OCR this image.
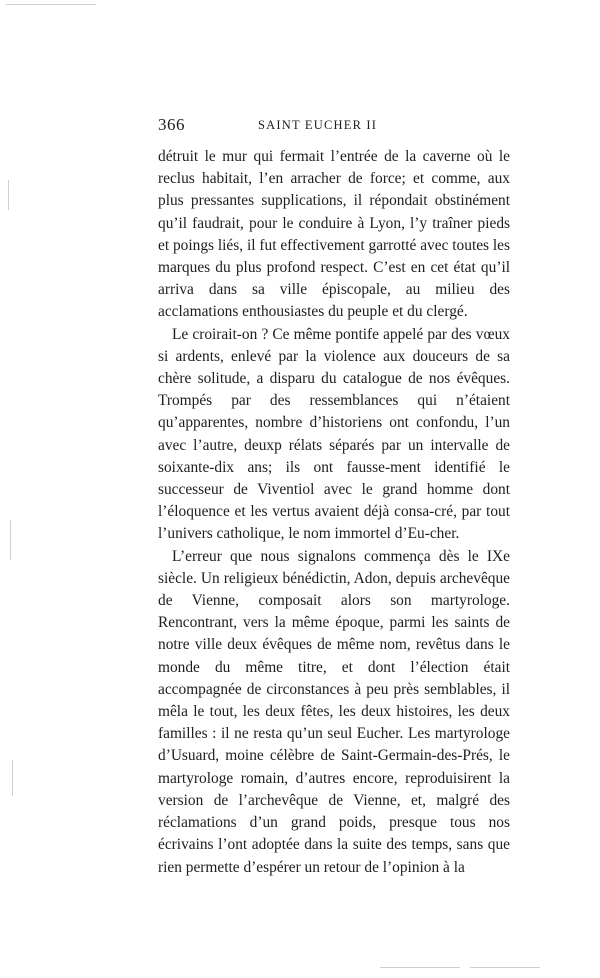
366	SAINT EUCHER II

détruit le mur qui fermait l’entrée de la caverne où le reclus habitait, l’en arracher de force; et comme, aux plus pressantes supplications, il répondait obstinément qu’il faudrait, pour le conduire à Lyon, l’y traîner pieds et poings liés, il fut effectivement garrotté avec toutes les marques du plus profond respect. C’est en cet état qu’il arriva dans sa ville épiscopale, au milieu des acclamations enthousiastes du peuple et du clergé.

Le croirait-on ? Ce même pontife appelé par des vœux si ardents, enlevé par la violence aux douceurs de sa chère solitude, a disparu du catalogue de nos évêques. Trompés par des ressemblances qui n’étaient qu’apparentes, nombre d’historiens ont confondu, l’un avec l’autre, deuxp rélats séparés par un intervalle de soixante-dix ans; ils ont fausse-ment identifié le successeur de Viventiol avec le grand homme dont l’éloquence et les vertus avaient déjà consa-cré, par tout l’univers catholique, le nom immortel d’Eu-cher.

L’erreur que nous signalons commença dès le IXe siècle. Un religieux bénédictin, Adon, depuis archevêque de Vienne, composait alors son martyrologe. Rencontrant, vers la même époque, parmi les saints de notre ville deux évêques de même nom, revêtus dans le monde du même titre, et dont l’élection était accompagnée de circonstances à peu près semblables, il mêla le tout, les deux fêtes, les deux histoires, les deux familles : il ne resta qu’un seul Eucher. Les martyrologe d’Usuard, moine célèbre de Saint-Germain-des-Prés, le martyrologe romain, d’autres encore, reproduisirent la version de l’archevêque de Vienne, et, malgré des réclamations d’un grand poids, presque tous nos écrivains l’ont adoptée dans la suite des temps, sans que rien permette d’espérer un retour de l’opinion à la
